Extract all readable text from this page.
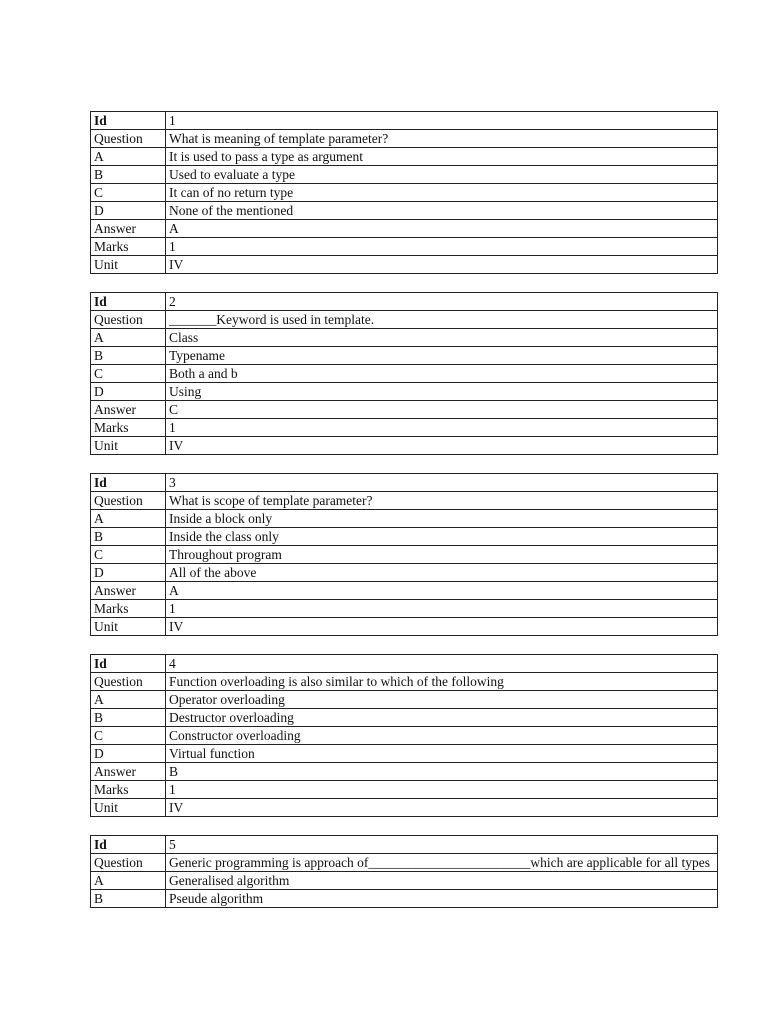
Id	1
Question	What is meaning of template parameter?
A	It is used to pass a type as argument
B	Used to evaluate a type
C	It can of no return type
D	None of the mentioned
Answer	A
Marks	1
Unit	IV
Id	2
Question	_______Keyword is used in template.
A	Class
B	Typename
C	Both a and b
D	Using
Answer	C
Marks	1
Unit	IV
Id	3
Question	What is scope of template parameter?
A	Inside a block only
B	Inside the class only
C	Throughout program
D	All of the above
Answer	A
Marks	1
Unit	IV
Id	4
Question	Function overloading is also similar to which of the following
A	Operator overloading
B	Destructor overloading
C	Constructor overloading
D	Virtual function
Answer	B
Marks	1
Unit	IV
Id	5
Question	Generic programming is approach of________________________which are applicable for all types
A	Generalised algorithm
B	Pseude algorithm
